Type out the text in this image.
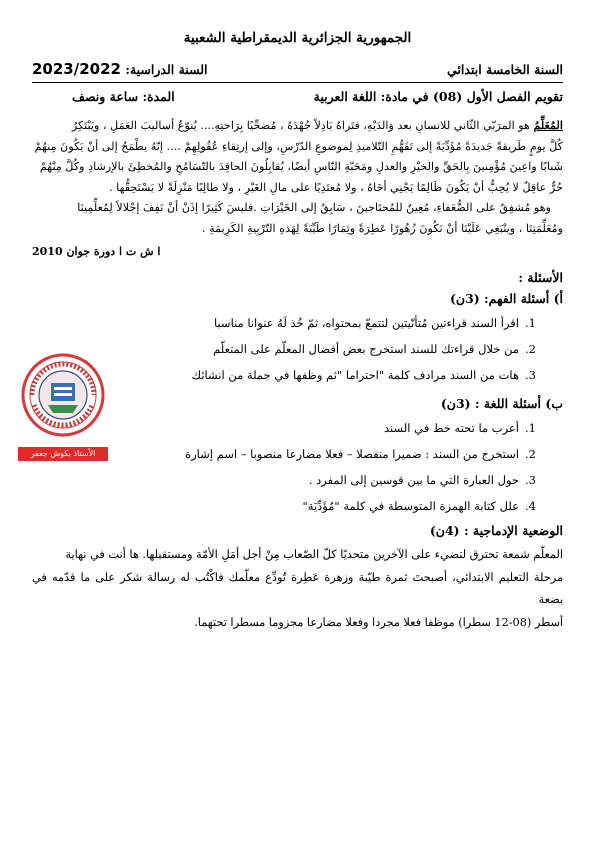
الجمهورية الجزائرية الديمقراطية الشعبية
السنة الخامسة ابتدائي
السنة الدراسية: 2023/2022
تقويم الفصل الأول (08) في مادة: اللغة العربية
المدة: ساعة ونصف

المُعَلِّمُ هو المرَبّي الثّاني للانسانِ بعد وَالدَيْهِ، فتَراهُ بَاذِلاً جُهْدَهُ ، مُضحِّيًا بِرَاحتِهِ.... يُنوّعُ أساليبَ العَمَلِ ، ويَبْتَكِرُ

كُلَّ يومٍ طَريقةً جَديدَةً مُؤَدِّيَةً إلى تَفَهُّمِ التّلاميذِ لِموضوعِ الدّرْسِ، وإلى إرتِقاءِ عُقُولِهِمْ .... إنّهُ يطْمَحُ إلى أنْ يَكُونَ مِنهُمْ

شَبابًا واعِينَ مُؤْمِنينَ بِالحَقِّ والخيْرِ والعدلِ ومَحَبّةِ النّاسِ أيضًا، يُقابِلُونَ الحاقِدَ بالتّسَامُحِ والمُخطِئَ بالإرشادِ وكُلَّ مِنْهُمْ

حُرٌّ عاقِلٌ لا يُحِبُّ أنْ يَكُونَ ظَالِمًا يَجْنِي أخَاهُ ، ولا مُعتَدِيًا على مالِ الغَيْرِ ، ولا طالِبًا مَنْزِلَةً لا يَسْتَحِقُّها .

وهو مُشفِقٌ على الضُّعَفاءِ، مُعِينٌ للمُحتَاجينَ ، سَابِقٌ إلى الخَيْرَاتِ .فليسَ كَثِيرًا إذَنْ أنْ نَفِفَ إجْلالاً لِمُعلِّمِينَا

ومُعَلِّمَتِنَا ، وينْبَغِي عَلَيْنَا أنْ نَكُونَ زُهُورًا عَطِرَةً وثِمَارًا طَيِّبَةً لِهَذهِ التّرْبِيةِ الكَرِيمَةِ .

ا ش ت ا دورة جوان 2010
الأسئلة :
أ) أسئلة الفهم: (3ن)
1.
اقرأ السند قراءتين مُتأنّيتين لتتمعّ بمحتواه، ثمّ خُذ لَهُ عنوانا مناسبا
2.
من خلال قراءتك للسند استخرج بعض أفضال المعلّم على المتعلّم
3.
هات من السند مرادف كلمة "احتراما "ثم وظفها في جملة من انشائك
ب) أسئلة اللغة : (3ن)
1.
أعرب ما تحته خط في السند
2.
استخرج من السند : ضميرا منفصلا – فعلا مضارعا منصوبا – اسم إشارة
3.
حول العبارة التي ما بين قوسين إلى المفرد .
4.
علل كتابة الهمزة المتوسطة في كلمة "مُؤَدِّيَة"
الوضعية الإدماجية : (4ن)

المعلّم شمعة تحترق لتضيء على الآخرين متحديًا كلّ الصّعاب مِنْ أجل أمَلِ الأمّة ومستقبلها. ها أنت في نهاية

مرحلة التعليم الابتدائي، أصبحتَ ثمرة طيّبة وزهرة عَطِرة تُودِّع معلّمك فاكْتُب له رسالة شكر على ما قدّمه في بضعة

أسطر (08-12 سطرا) موظفا فعلا مجردا وفعلا مضارعا مجزوما مسطرا تحتهما.

الأستاذ بكوش جعفر
